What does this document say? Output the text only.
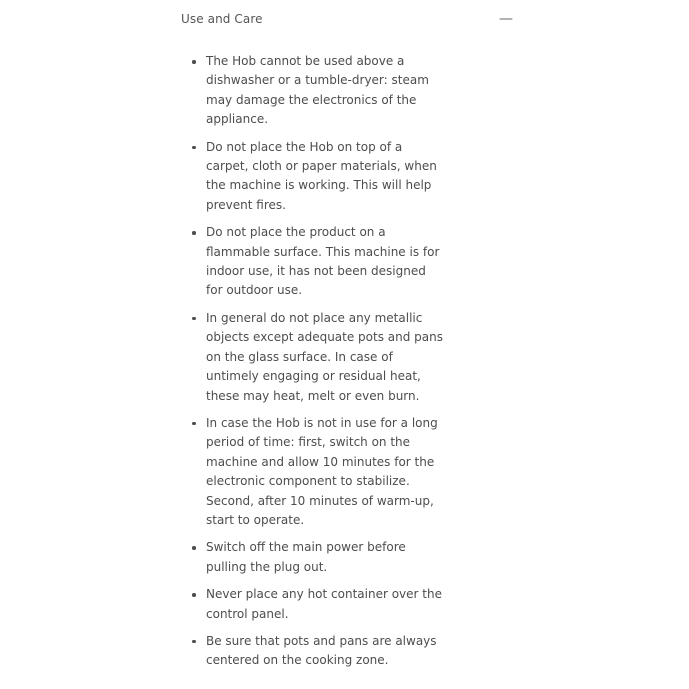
Use and Care	—
The Hob cannot be used above a dishwasher or a tumble-dryer: steam may damage the electronics of the appliance.
Do not place the Hob on top of a carpet, cloth or paper materials, when the machine is working. This will help prevent fires.
Do not place the product on a flammable surface. This machine is for indoor use, it has not been designed for outdoor use.
In general do not place any metallic objects except adequate pots and pans on the glass surface. In case of untimely engaging or residual heat, these may heat, melt or even burn.
In case the Hob is not in use for a long period of time: first, switch on the machine and allow 10 minutes for the electronic component to stabilize. Second, after 10 minutes of warm-up, start to operate.
Switch off the main power before pulling the plug out.
Never place any hot container over the control panel.
Be sure that pots and pans are always centered on the cooking zone.
